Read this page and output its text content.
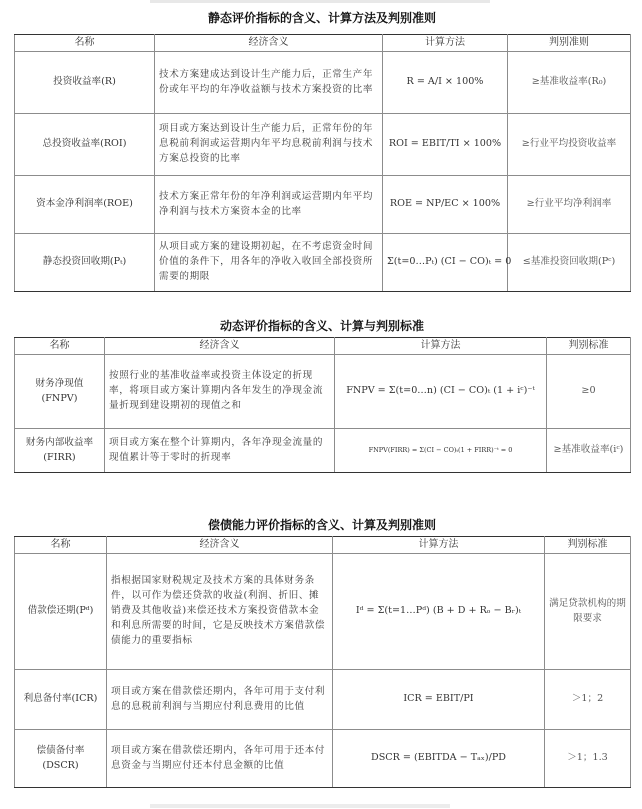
静态评价指标的含义、计算方法及判别准则
名称	经济含义	计算方法	判别准则
投资收益率(R)	技术方案建成达到设计生产能力后，正常生产年份或年平均的年净收益额与技术方案投资的比率	R = A/I × 100%	≥基准收益率(R₀)
总投资收益率(ROI)	项目或方案达到设计生产能力后，正常年份的年息税前利润或运营期内年平均息税前利润与技术方案总投资的比率	ROI = EBIT/TI × 100%	≥行业平均投资收益率
资本金净利润率(ROE)	技术方案正常年份的年净利润或运营期内年平均净利润与技术方案资本金的比率	ROE = NP/EC × 100%	≥行业平均净利润率
静态投资回收期(Pₜ)	从项目或方案的建设期初起，在不考虑资金时间价值的条件下，用各年的净收入收回全部投资所需要的期限	Σ(t=0…Pₜ) (CI − CO)ₜ = 0	≤基准投资回收期(Pᶜ)
动态评价指标的含义、计算与判别标准
名称	经济含义	计算方法	判别标准
财务净现值(FNPV)	按照行业的基准收益率或投资主体设定的折现率，将项目或方案计算期内各年发生的净现金流量折现到建设期初的现值之和	FNPV = Σ(t=0…n) (CI − CO)ₜ (1 + iᶜ)⁻ᵗ	≥0
财务内部收益率(FIRR)	项目或方案在整个计算期内，各年净现金流量的现值累计等于零时的折现率	FNPV(FIRR) = Σ(CI − CO)ₜ(1 + FIRR)⁻ᵗ = 0	≥基准收益率(iᶜ)
偿债能力评价指标的含义、计算及判别准则
名称	经济含义	计算方法	判别标准
借款偿还期(Pᵈ)	指根据国家财税规定及技术方案的具体财务条件，以可作为偿还贷款的收益(利润、折旧、摊销费及其他收益)来偿还技术方案投资借款本金和利息所需要的时间，它是反映技术方案借款偿债能力的重要指标	Iᵈ = Σ(t=1…Pᵈ) (B + D + Rₒ − Bᵣ)ₜ	满足贷款机构的期限要求
利息备付率(ICR)	项目或方案在借款偿还期内，各年可用于支付利息的息税前利润与当期应付利息费用的比值	ICR = EBIT/PI	＞1；2
偿债备付率(DSCR)	项目或方案在借款偿还期内，各年可用于还本付息资金与当期应付还本付息金额的比值	DSCR = (EBITDA − Tₐₓ)/PD	＞1；1.3
